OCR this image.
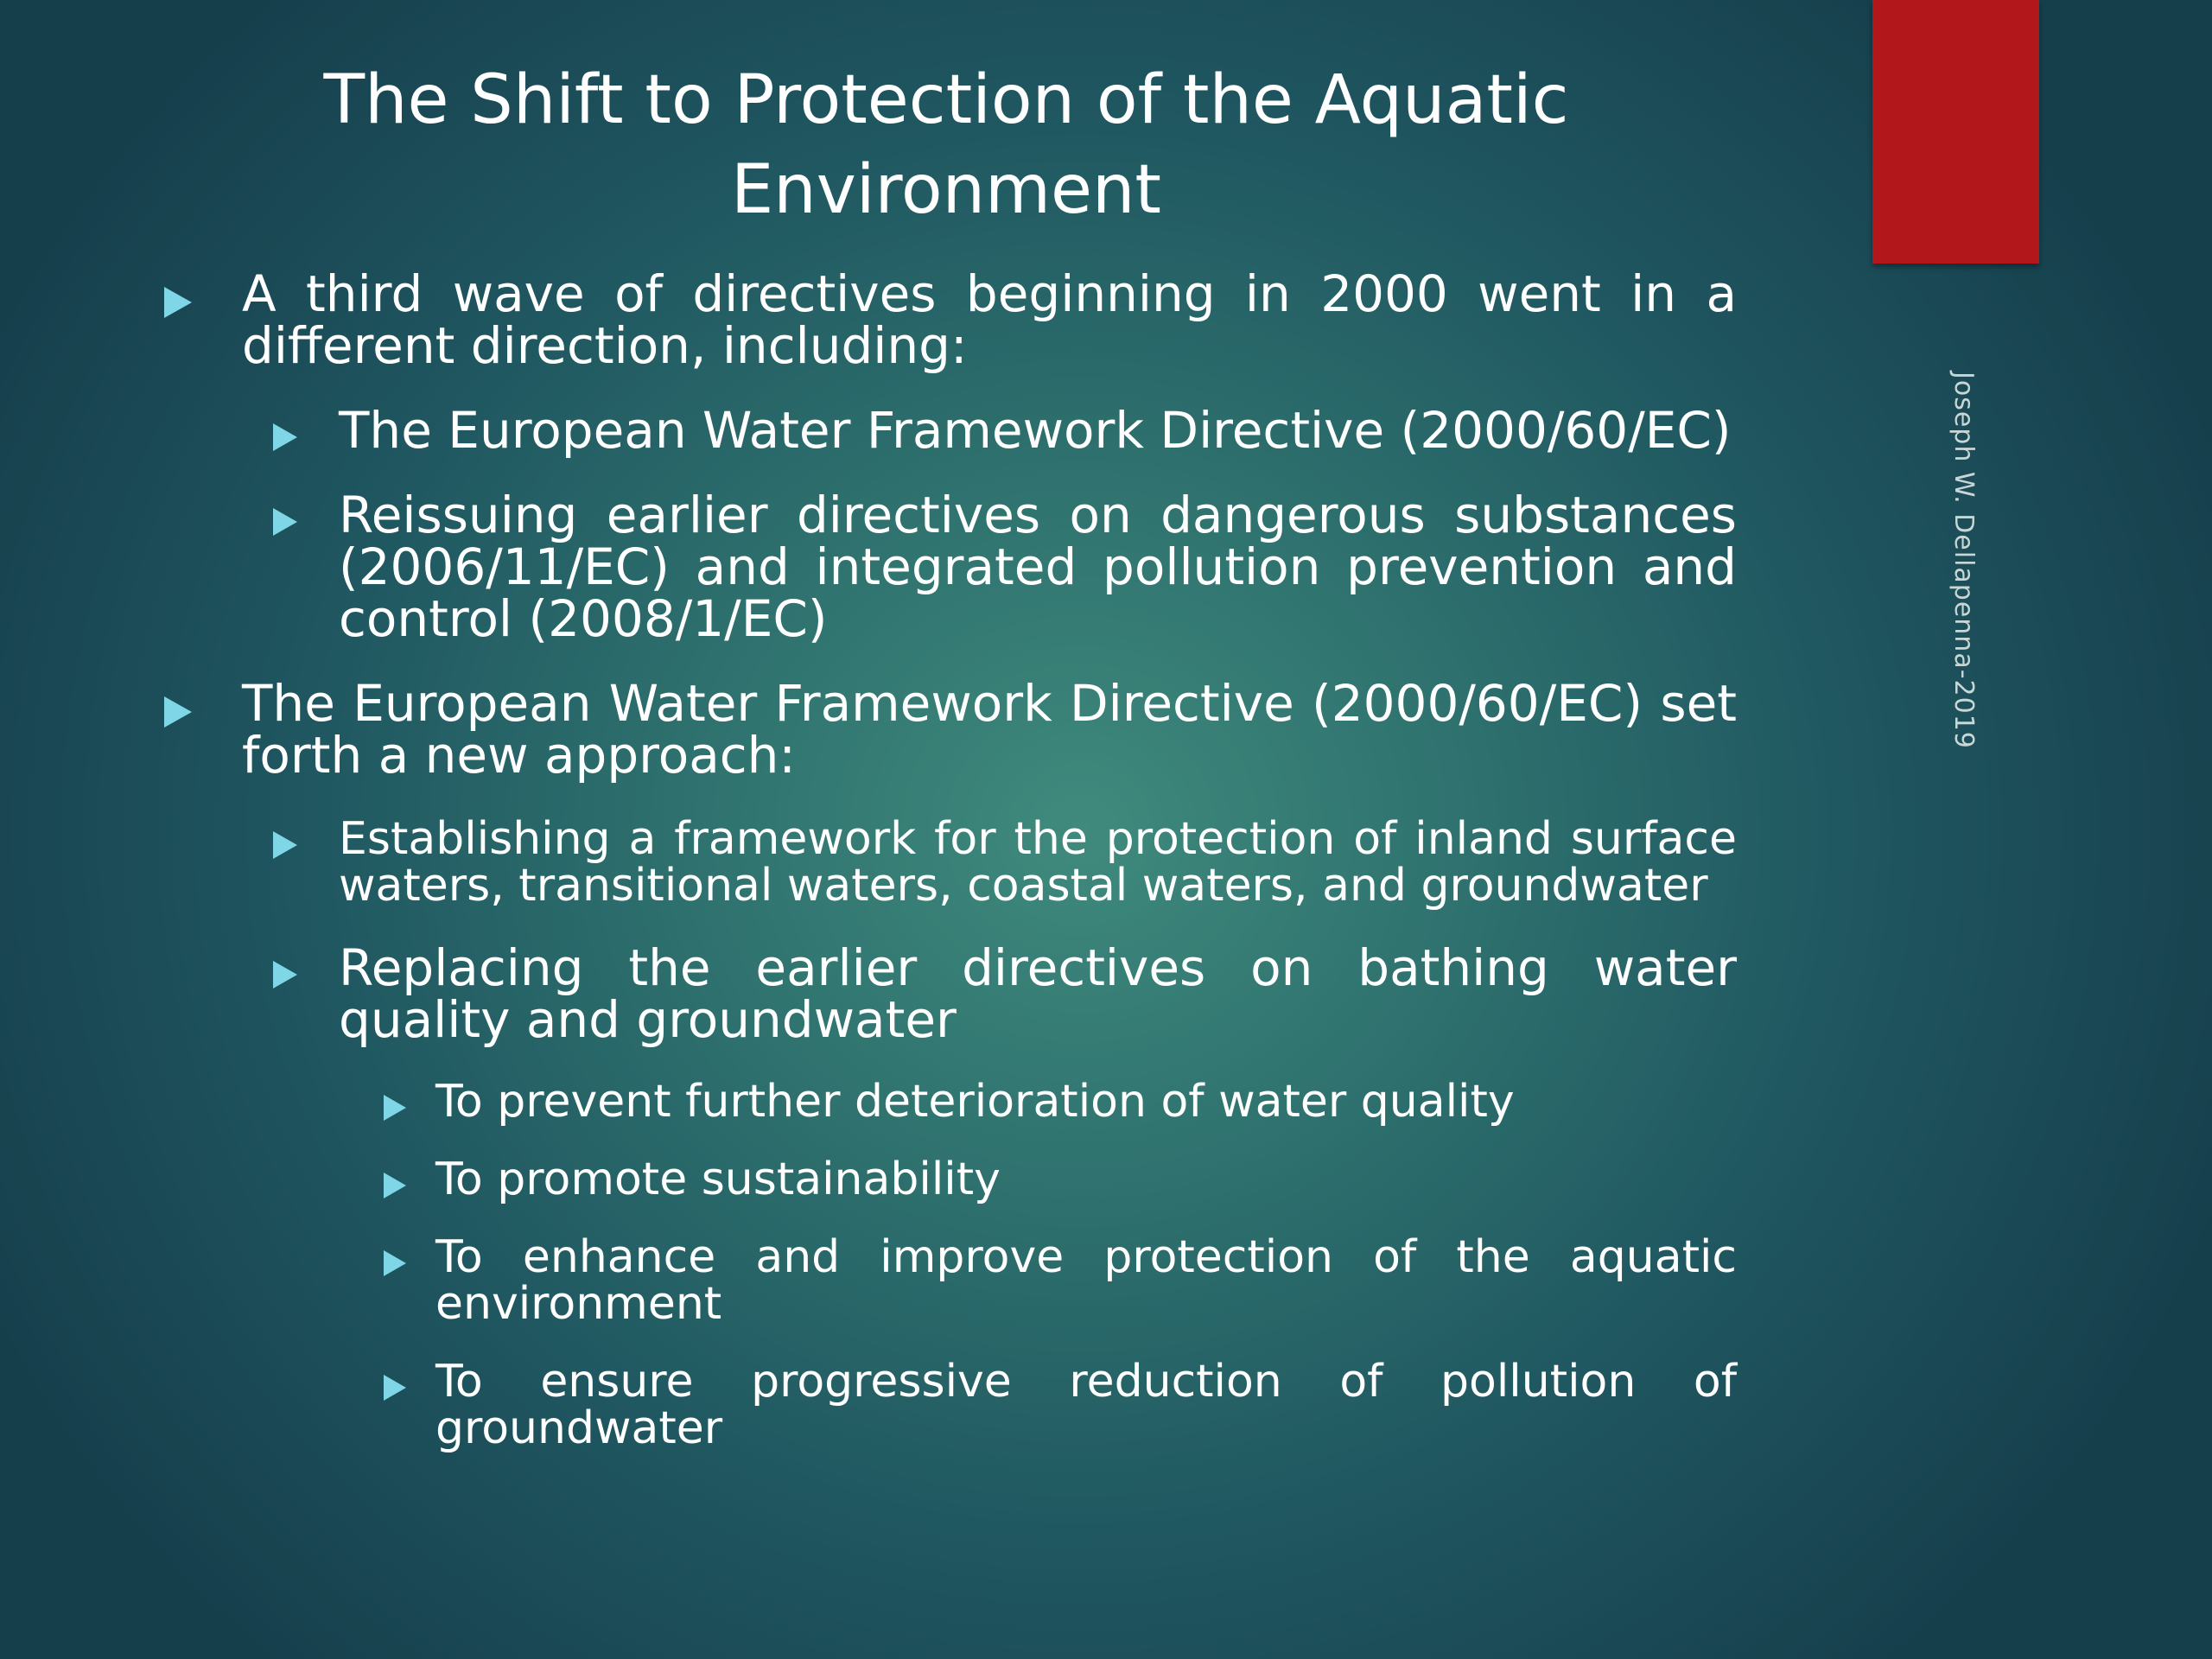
Joseph W. Dellapenna-2019
The Shift to Protection of the Aquatic Environment
A third wave of directives beginning in 2000 went in a different direction, including:
The European Water Framework Directive (2000/60/EC)
Reissuing earlier directives on dangerous substances (2006/11/EC) and integrated pollution prevention and control (2008/1/EC)
The European Water Framework Directive (2000/60/EC) set forth a new approach:
Establishing a framework for the protection of inland surface waters, transitional waters, coastal waters, and groundwater
Replacing the earlier directives on bathing water quality and groundwater
To prevent further deterioration of water quality
To promote sustainability
To enhance and improve protection of the aquatic environment
To ensure progressive reduction of pollution of groundwater
